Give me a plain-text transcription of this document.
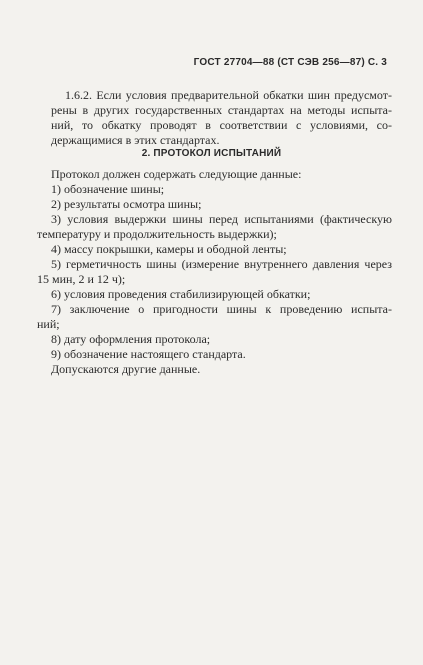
ГОСТ 27704—88 (СТ СЭВ 256—87) С. 3
1.6.2. Если условия предварительной обкатки шин предусмот-
рены в других государственных стандартах на методы испыта-
ний, то обкатку проводят в соответствии с условиями, со-
держащимися в этих стандартах.
2. ПРОТОКОЛ ИСПЫТАНИЙ
Протокол должен содержать следующие данные:
1) обозначение шины;
2) результаты осмотра шины;
3) условия выдержки шины перед испытаниями (фактическую
температуру и продолжительность выдержки);
4) массу покрышки, камеры и ободной ленты;
5) герметичность шины (измерение внутреннего давления через
15 мин, 2 и 12 ч);
6) условия проведения стабилизирующей обкатки;
7) заключение о пригодности шины к проведению испыта-
ний;
8) дату оформления протокола;
9) обозначение настоящего стандарта.
Допускаются другие данные.
